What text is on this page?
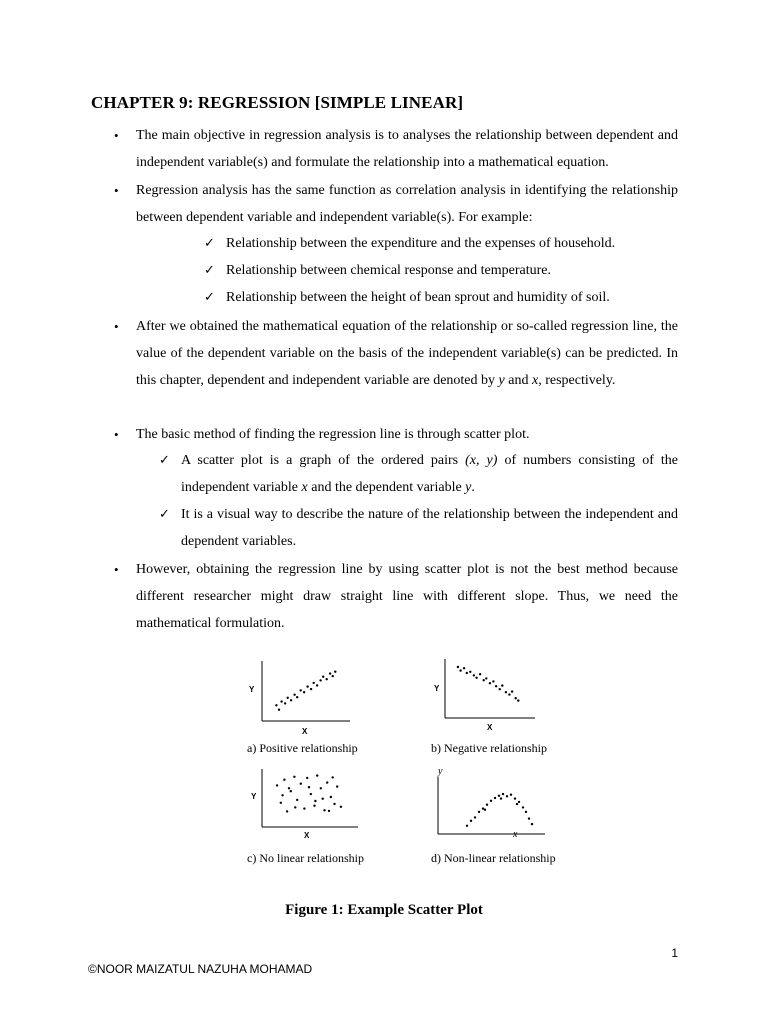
CHAPTER 9: REGRESSION [SIMPLE LINEAR]
• The main objective in regression analysis is to analyses the relationship between dependent and independent variable(s) and formulate the relationship into a mathematical equation.
• Regression analysis has the same function as correlation analysis in identifying the relationship between dependent variable and independent variable(s). For example:
✓ Relationship between the expenditure and the expenses of household.
✓ Relationship between chemical response and temperature.
✓ Relationship between the height of bean sprout and humidity of soil.
• After we obtained the mathematical equation of the relationship or so-called regression line, the value of the dependent variable on the basis of the independent variable(s) can be predicted. In this chapter, dependent and independent variable are denoted by y and x, respectively.
• The basic method of finding the regression line is through scatter plot.
✓ A scatter plot is a graph of the ordered pairs (x, y) of numbers consisting of the independent variable x and the dependent variable y.
✓ It is a visual way to describe the nature of the relationship between the independent and dependent variables.
• However, obtaining the regression line by using scatter plot is not the best method because different researcher might draw straight line with different slope. Thus, we need the mathematical formulation.
Y
X
a) Positive relationship
Y
X
b) Negative relationship
Y
X
c) No linear relationship
y
x
d) Non-linear relationship
Figure 1: Example Scatter Plot
1
©NOOR MAIZATUL NAZUHA MOHAMAD
